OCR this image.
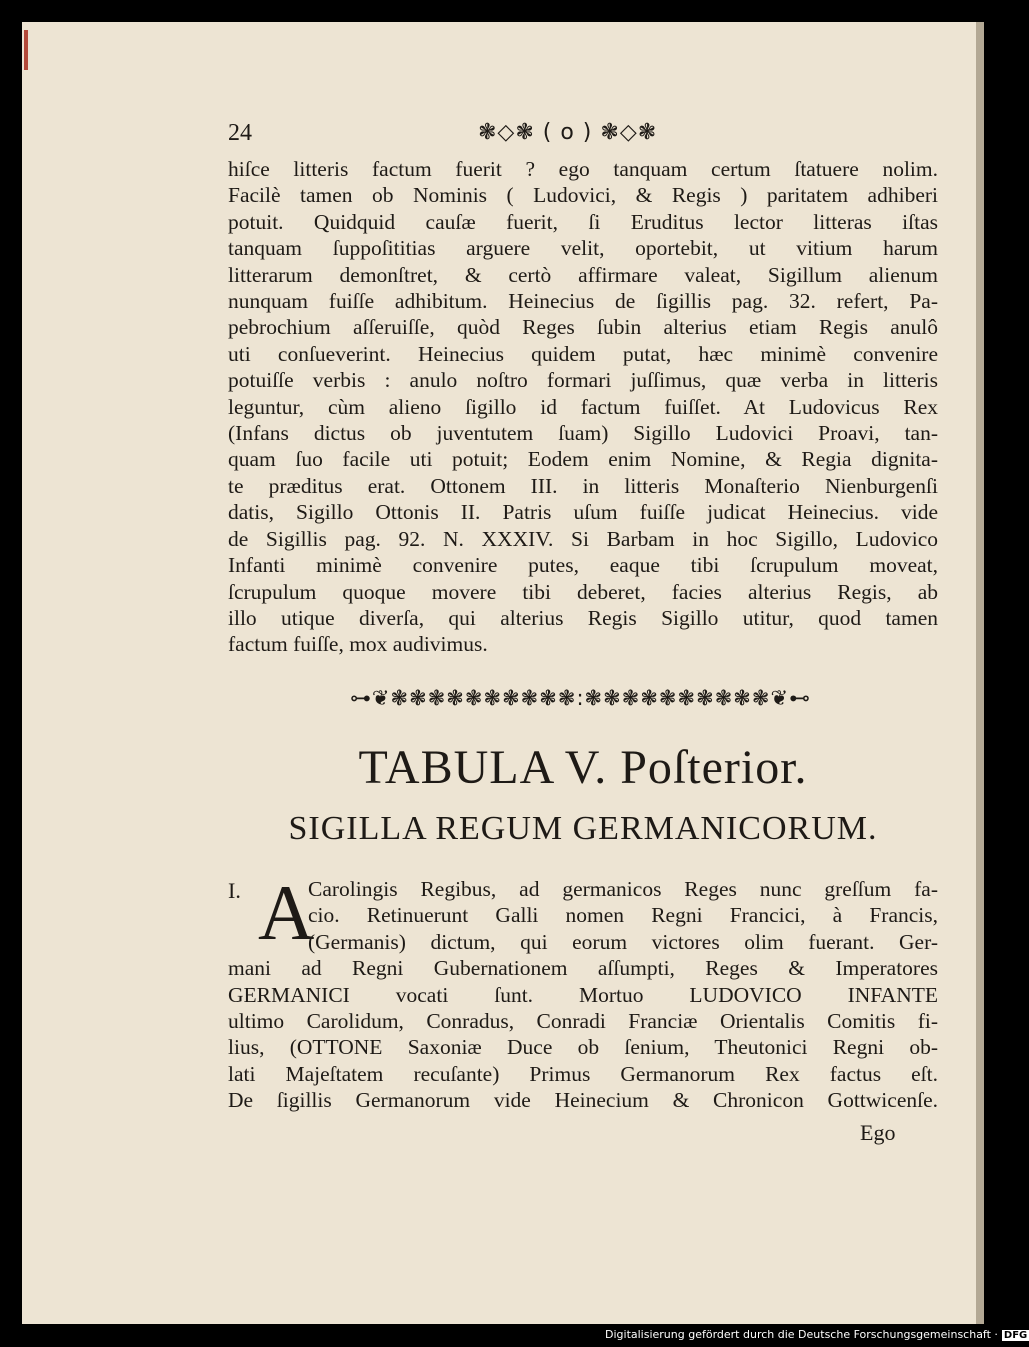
24	❃◇❃ ( o ) ❃◇❃
hiſce litteris factum fuerit ? ego tanquam certum ſtatuere nolim.
Facilè tamen ob Nominis ( Ludovici, & Regis ) paritatem adhiberi
potuit. Quidquid cauſæ fuerit, ſi Eruditus lector litteras iſtas
tanquam ſuppoſititias arguere velit, oportebit, ut vitium harum
litterarum demonſtret, & certò affirmare valeat, Sigillum alienum
nunquam fuiſſe adhibitum. Heinecius de ſigillis pag. 32. refert, Pa-
pebrochium aſſeruiſſe, quòd Reges ſubin alterius etiam Regis anulô
uti conſueverint. Heinecius quidem putat, hæc minimè convenire
potuiſſe verbis : anulo noſtro formari juſſimus, quæ verba in litteris
leguntur, cùm alieno ſigillo id factum fuiſſet. At Ludovicus Rex
(Infans dictus ob juventutem ſuam) Sigillo Ludovici Proavi, tan-
quam ſuo facile uti potuit; Eodem enim Nomine, & Regia dignita-
te præditus erat. Ottonem III. in litteris Monaſterio Nienburgenſi
datis, Sigillo Ottonis II. Patris uſum fuiſſe judicat Heinecius. vide
de Sigillis pag. 92. N. XXXIV. Si Barbam in hoc Sigillo, Ludovico
Infanti minimè convenire putes, eaque tibi ſcrupulum moveat,
ſcrupulum quoque movere tibi deberet, facies alterius Regis, ab
illo utique diverſa, qui alterius Regis Sigillo utitur, quod tamen
factum fuiſſe, mox audivimus.
⊶❦❃❃❃❃❃❃❃❃❃❃:❃❃❃❃❃❃❃❃❃❃❦⊷
TABULA V. Poſterior.
SIGILLA REGUM GERMANICORUM.
I. A
Carolingis Regibus, ad germanicos Reges nunc greſſum fa-
cio. Retinuerunt Galli nomen Regni Francici, à Francis,
(Germanis) dictum, qui eorum victores olim fuerant. Ger-
mani ad Regni Gubernationem aſſumpti, Reges & Imperatores
GERMANICI vocati ſunt. Mortuo LUDOVICO INFANTE
ultimo Carolidum, Conradus, Conradi Franciæ Orientalis Comitis fi-
lius, (OTTONE Saxoniæ Duce ob ſenium, Theutonici Regni ob-
lati Majeſtatem recuſante) Primus Germanorum Rex factus eſt.
De ſigillis Germanorum vide Heinecium & Chronicon Gottwicenſe.
Ego
Digitalisierung gefördert durch die Deutsche Forschungsgemeinschaft · DFG
